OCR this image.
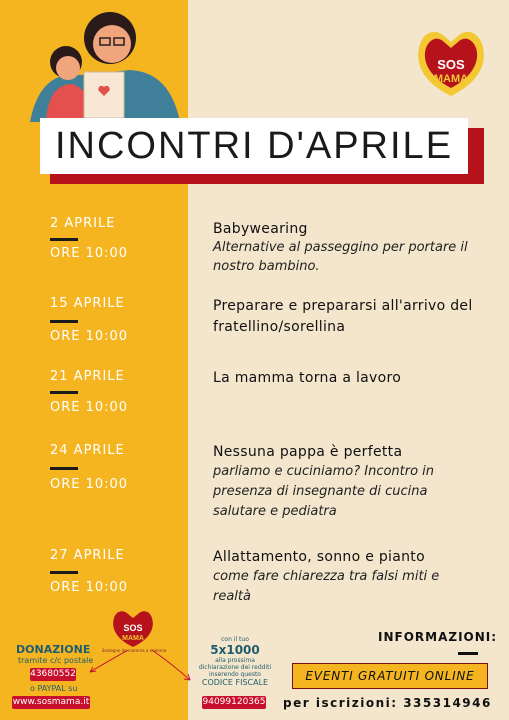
SOS
MAMA
INCONTRI D'APRILE
2 APRILE
ORE 10:00
Babywearing
Alternative al passeggino per portare il nostro bambino.
15 APRILE
ORE 10:00
Preparare e prepararsi all'arrivo del fratellino/sorellina
21 APRILE
ORE 10:00
La mamma torna a lavoro
24 APRILE
ORE 10:00
Nessuna pappa è perfetta
parliamo e cuciniamo? Incontro in presenza di insegnante di cucina salutare e pediatra
27 APRILE
ORE 10:00
Allattamento, sonno e pianto
come fare chiarezza tra falsi miti e realtà
SOS
MAMA
Sostegno da mamma a mamma
DONAZIONE
tramite c/c postale
43680552
o PAYPAL su
www.sosmama.it
con il tuo
5x1000
alla prossima
dichiarazione dei redditi
inserendo questo
CODICE FISCALE
94099120365
INFORMAZIONI:
EVENTI GRATUITI ONLINE
per iscrizioni: 335314946
